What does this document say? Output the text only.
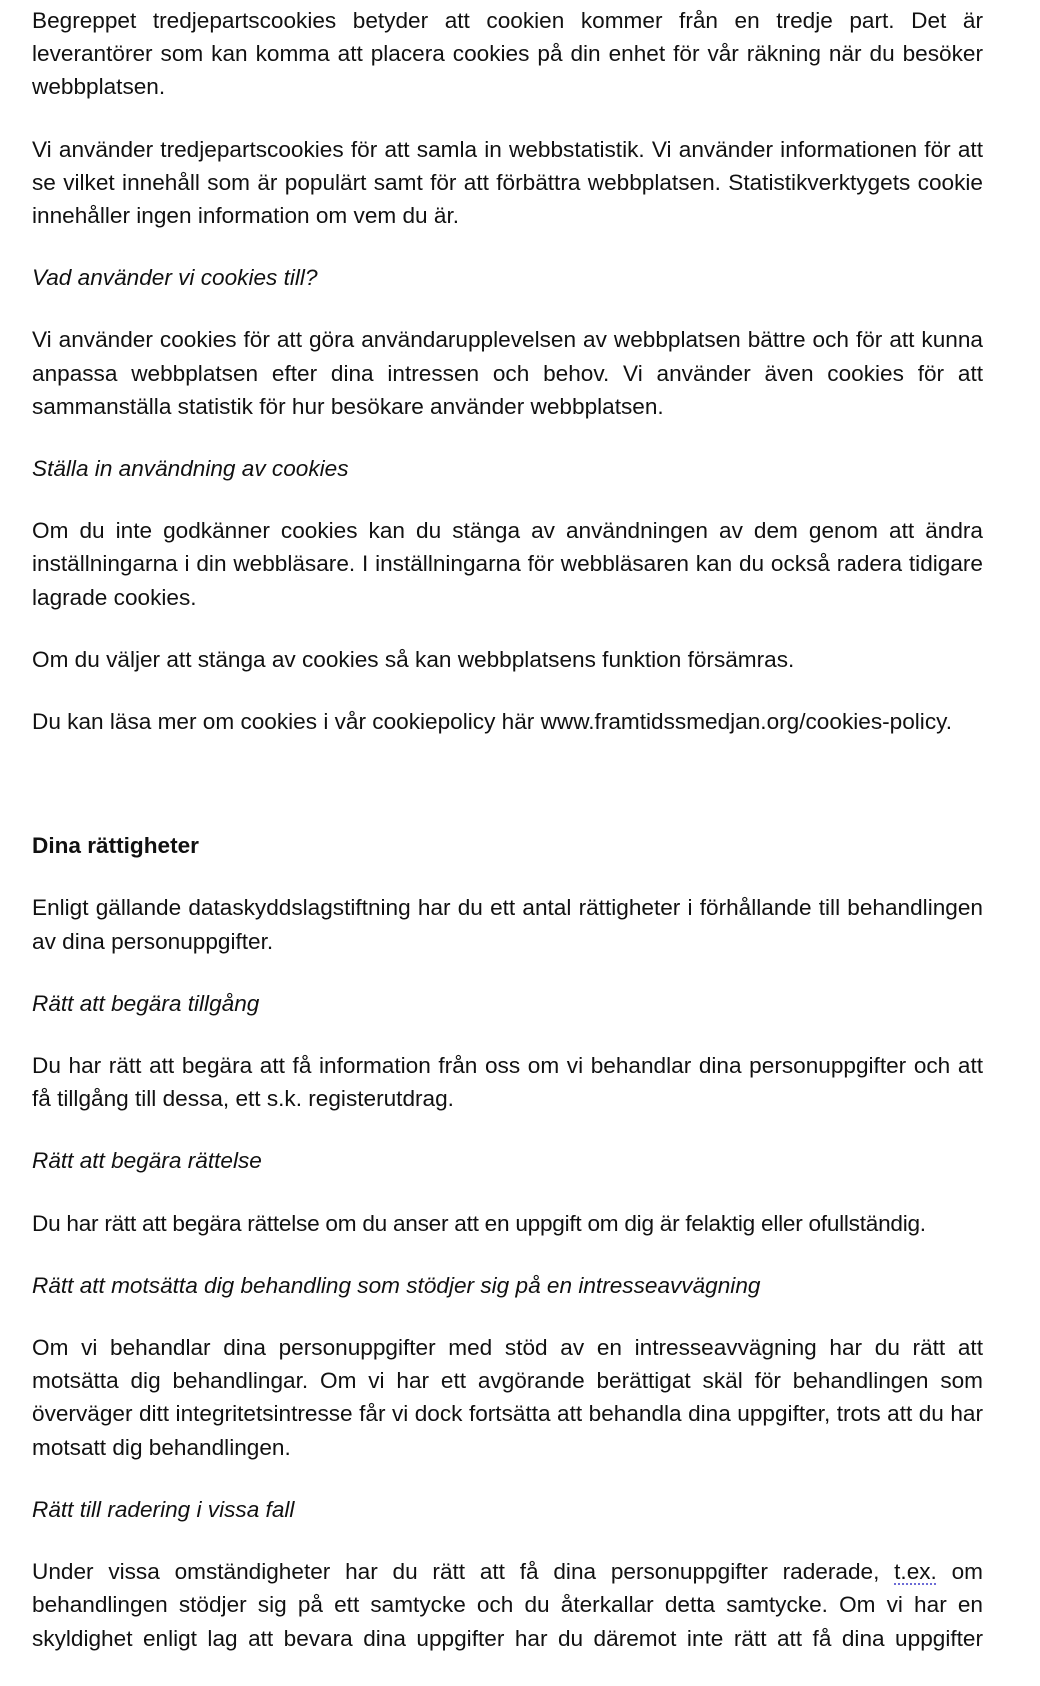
Begreppet tredjepartscookies betyder att cookien kommer från en tredje part. Det är leverantörer som kan komma att placera cookies på din enhet för vår räkning när du besöker webbplatsen.

Vi använder tredjepartscookies för att samla in webbstatistik. Vi använder informationen för att se vilket innehåll som är populärt samt för att förbättra webbplatsen. Statistikverktygets cookie innehåller ingen information om vem du är.

Vad använder vi cookies till?

Vi använder cookies för att göra användarupplevelsen av webbplatsen bättre och för att kunna anpassa webbplatsen efter dina intressen och behov. Vi använder även cookies för att sammanställa statistik för hur besökare använder webbplatsen.

Ställa in användning av cookies

Om du inte godkänner cookies kan du stänga av användningen av dem genom att ändra inställningarna i din webbläsare. I inställningarna för webbläsaren kan du också radera tidigare lagrade cookies.

Om du väljer att stänga av cookies så kan webbplatsens funktion försämras.

Du kan läsa mer om cookies i vår cookiepolicy här www.framtidssmedjan.org/cookies-policy.

Dina rättigheter

Enligt gällande dataskyddslagstiftning har du ett antal rättigheter i förhållande till behandlingen av dina personuppgifter.

Rätt att begära tillgång

Du har rätt att begära att få information från oss om vi behandlar dina personuppgifter och att få tillgång till dessa, ett s.k. registerutdrag.

Rätt att begära rättelse

Du har rätt att begära rättelse om du anser att en uppgift om dig är felaktig eller ofullständig.

Rätt att motsätta dig behandling som stödjer sig på en intresseavvägning

Om vi behandlar dina personuppgifter med stöd av en intresseavvägning har du rätt att motsätta dig behandlingar. Om vi har ett avgörande berättigat skäl för behandlingen som överväger ditt integritetsintresse får vi dock fortsätta att behandla dina uppgifter, trots att du har motsatt dig behandlingen.

Rätt till radering i vissa fall

Under vissa omständigheter har du rätt att få dina personuppgifter raderade, t.ex. om behandlingen stödjer sig på ett samtycke och du återkallar detta samtycke. Om vi har en skyldighet enligt lag att bevara dina uppgifter har du däremot inte rätt att få dina uppgifter
